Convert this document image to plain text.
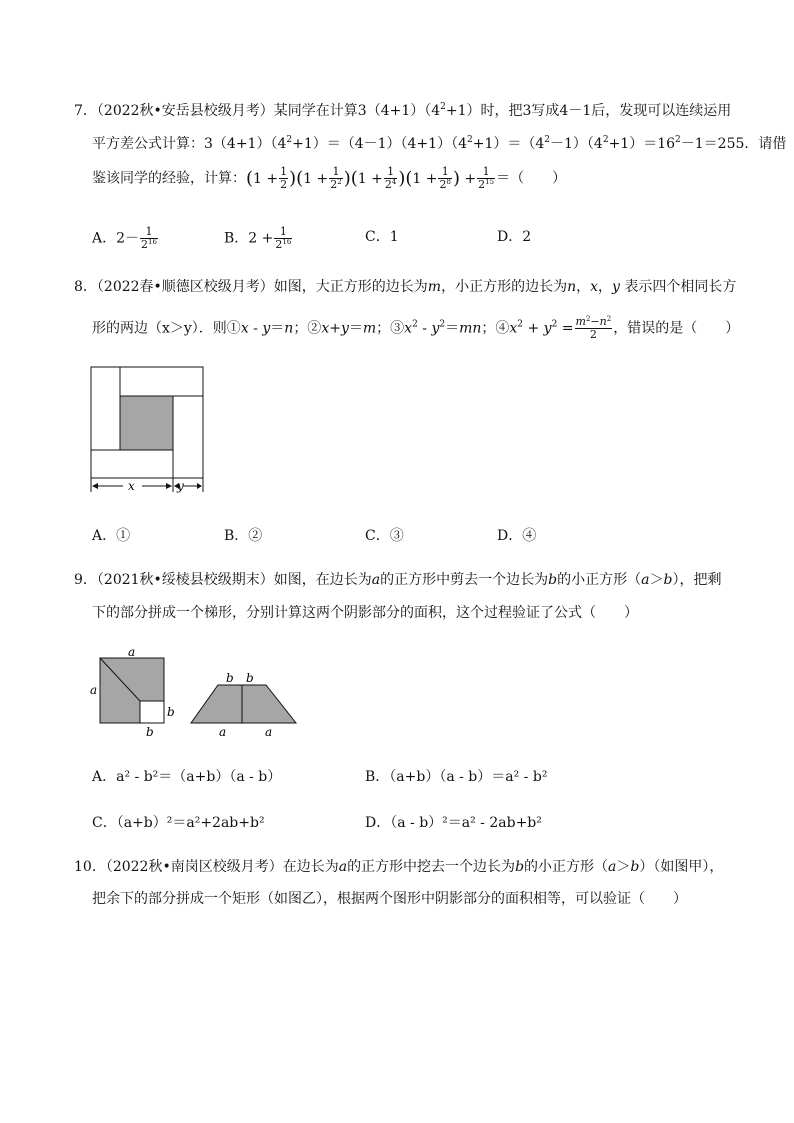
7．（2022秋•安岳县校级月考）某同学在计算$3(4+1)(4^2+1)$时，把3写成4－1后，发现可以连续运用
平方差公式计算：$3(4+1)(4^2+1)=(4-1)(4+1)(4^2+1)=(4^2-1)(4^2+1)=16^2-1=255$．请借
鉴该同学的经验，计算：$(1 + \frac{1}{2} )(1 + \frac{1}{2^2} )(1 + \frac{1}{2^4} )(1 + \frac{1}{2^8}$ ) + $\frac{1}{2^{15}}$ ＝（　　）
A．$2- \frac{1}{2^{16}}$	B．$2 + \frac{1}{2^{16}}$	C．1	D．2
8．（2022春•顺德区校级月考）如图，大正方形的边长为m，小正方形的边长为n，x，y 表示四个相同长方
形的两边（x＞y）．则①x - y＝n；②x+y＝m；$③x^2 - y^2=mn$；$④x^2 + y^2 = \frac{m^2-n^2}{2}$ ，错误的是（　　）
x	y
A．①	B．②	C．③	D．④
9．（2021秋•绥棱县校级期末）如图，在边长为a的正方形中剪去一个边长为b的小正方形（a＞b），把剩
下的部分拼成一个梯形，分别计算这两个阴影部分的面积，这个过程验证了公式（　　）
a
a
b
b
b b
a	a
A．a² - b²＝（a+b）（a - b）	B．（a+b）（a - b）＝a² - b²
C．（a+b）²＝a²+2ab+b²	D．（a - b）²＝a² - 2ab+b²
10．（2022秋•南岗区校级月考）在边长为a的正方形中挖去一个边长为b的小正方形（a＞b）（如图甲），
把余下的部分拼成一个矩形（如图乙），根据两个图形中阴影部分的面积相等，可以验证（　　）
